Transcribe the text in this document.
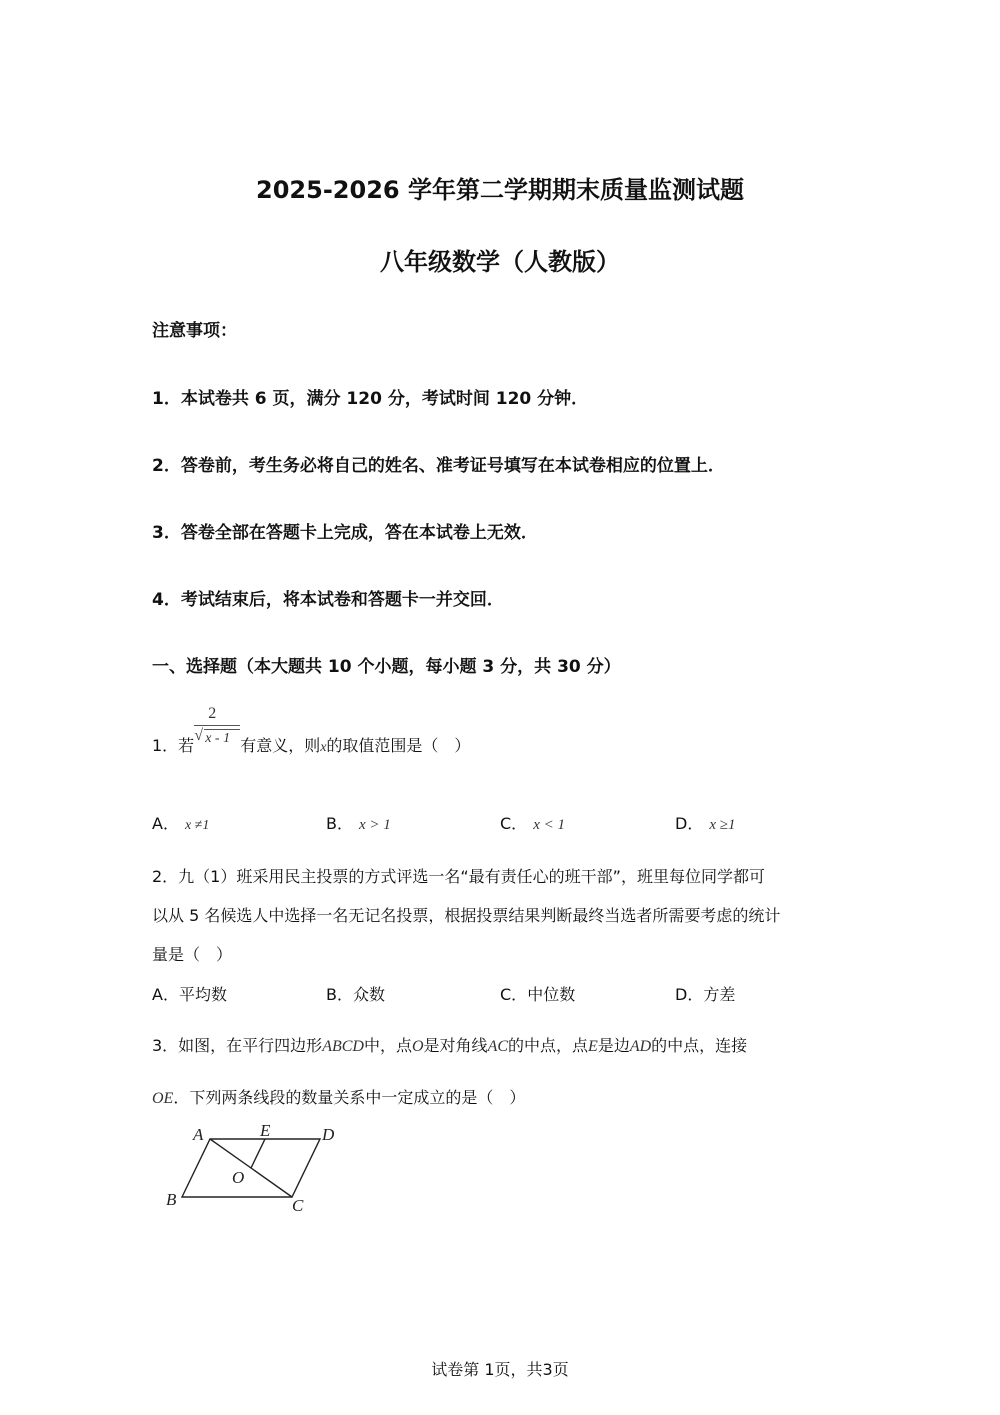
2025-2026 学年第二学期期末质量监测试题
八年级数学（人教版）
注意事项：
1．本试卷共 6 页，满分 120 分，考试时间 120 分钟．
2．答卷前，考生务必将自己的姓名、准考证号填写在本试卷相应的位置上．
3．答卷全部在答题卡上完成，答在本试卷上无效．
4．考试结束后，将本试卷和答题卡一并交回．
一、选择题（本大题共 10 个小题，每小题 3 分，共 30 分）
1．若
2
√ x - 1 有意义，则x的取值范围是（　）
A． x ≠1	B． x > 1	C． x < 1	D． x ≥1
2．九（1）班采用民主投票的方式评选一名“最有责任心的班干部”，班里每位同学都可
以从 5 名候选人中选择一名无记名投票，根据投票结果判断最终当选者所需要考虑的统计
量是（　）
A．平均数	B．众数	C．中位数	D．方差
3．如图，在平行四边形ABCD中，点O是对角线AC的中点，点E是边AD的中点，连接
OE．下列两条线段的数量关系中一定成立的是（　）
A	E	D
O
B	C
试卷第 1页，共3页
